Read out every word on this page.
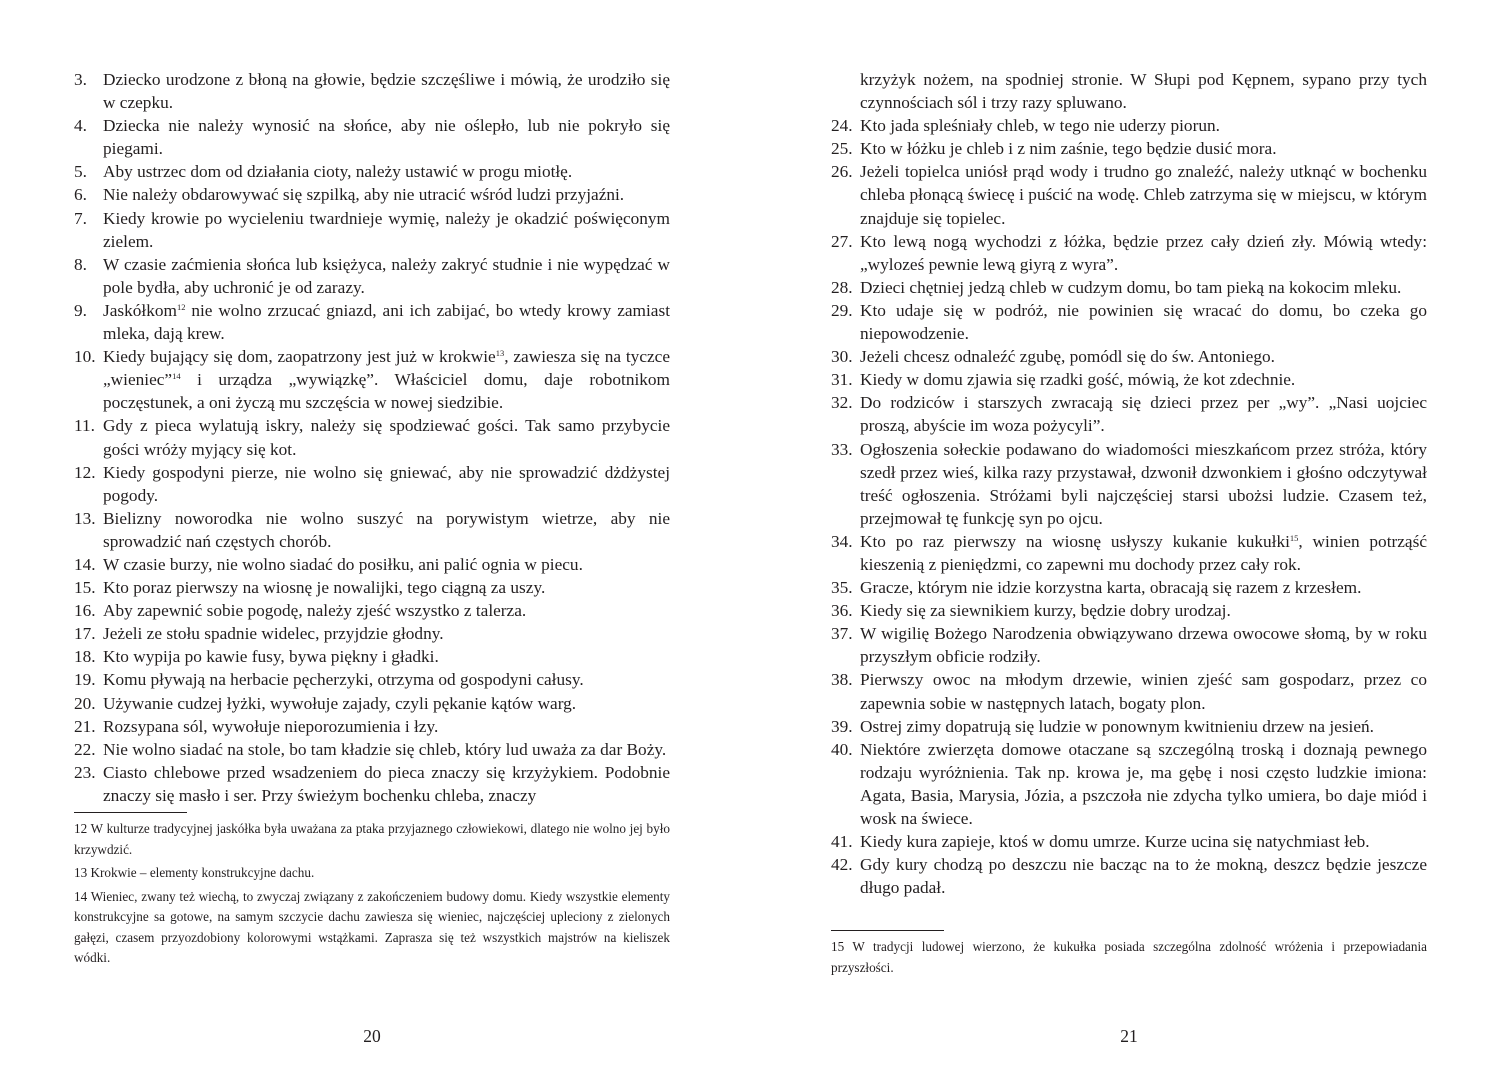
3. Dziecko urodzone z błoną na głowie, będzie szczęśliwe i mówią, że urodziło się w czepku.
4. Dziecka nie należy wynosić na słońce, aby nie oślepło, lub nie pokryło się piegami.
5. Aby ustrzec dom od działania cioty, należy ustawić w progu miotłę.
6. Nie należy obdarowywać się szpilką, aby nie utracić wśród ludzi przyjaźni.
7. Kiedy krowie po wycieleniu twardnieje wymię, należy je okadzić poświęconym zielem.
8. W czasie zaćmienia słońca lub księżyca, należy zakryć studnie i nie wypędzać w pole bydła, aby uchronić je od zarazy.
9. Jaskółkom$^{12}$ nie wolno zrzucać gniazd, ani ich zabijać, bo wtedy krowy zamiast mleka, dają krew.
10. Kiedy bujający się dom, zaopatrzony jest już w krokwie$^{13}$, zawiesza się na tyczce „wieniec”$^{14}$ i urządza „wywiązkę”. Właściciel domu, daje robotnikom poczęstunek, a oni życzą mu szczęścia w nowej siedzibie.
11. Gdy z pieca wylatują iskry, należy się spodziewać gości. Tak samo przybycie gości wróży myjący się kot.
12. Kiedy gospodyni pierze, nie wolno się gniewać, aby nie sprowadzić dżdżystej pogody.
13. Bielizny noworodka nie wolno suszyć na porywistym wietrze, aby nie sprowadzić nań częstych chorób.
14. W czasie burzy, nie wolno siadać do posiłku, ani palić ognia w piecu.
15. Kto poraz pierwszy na wiosnę je nowalijki, tego ciągną za uszy.
16. Aby zapewnić sobie pogodę, należy zjeść wszystko z talerza.
17. Jeżeli ze stołu spadnie widelec, przyjdzie głodny.
18. Kto wypija po kawie fusy, bywa piękny i gładki.
19. Komu pływają na herbacie pęcherzyki, otrzyma od gospodyni całusy.
20. Używanie cudzej łyżki, wywołuje zajady, czyli pękanie kątów warg.
21. Rozsypana sól, wywołuje nieporozumienia i łzy.
22. Nie wolno siadać na stole, bo tam kładzie się chleb, który lud uważa za dar Boży.
23. Ciasto chlebowe przed wsadzeniem do pieca znaczy się krzyżykiem. Podobnie znaczy się masło i ser. Przy świeżym bochenku chleba, znaczy
12 W kulturze tradycyjnej jaskółka była uważana za ptaka przyjaznego człowiekowi, dlatego nie wolno jej było krzywdzić.
13 Krokwie – elementy konstrukcyjne dachu.
14 Wieniec, zwany też wiechą, to zwyczaj związany z zakończeniem budowy domu. Kiedy wszystkie elementy konstrukcyjne sa gotowe, na samym szczycie dachu zawiesza się wieniec, najczęściej upleciony z zielonych gałęzi, czasem przyozdobiony kolorowymi wstążkami. Zaprasza się też wszystkich majstrów na kieliszek wódki.
20
krzyżyk nożem, na spodniej stronie. W Słupi pod Kępnem, sypano przy tych czynnościach sól i trzy razy spluwano.
24. Kto jada spleśniały chleb, w tego nie uderzy piorun.
25. Kto w łóżku je chleb i z nim zaśnie, tego będzie dusić mora.
26. Jeżeli topielca uniósł prąd wody i trudno go znaleźć, należy utknąć w bochenku chleba płonącą świecę i puścić na wodę. Chleb zatrzyma się w miejscu, w którym znajduje się topielec.
27. Kto lewą nogą wychodzi z łóżka, będzie przez cały dzień zły. Mówią wtedy: „wyloześ pewnie lewą giyrą z wyra”.
28. Dzieci chętniej jedzą chleb w cudzym domu, bo tam pieką na kokocim mleku.
29. Kto udaje się w podróż, nie powinien się wracać do domu, bo czeka go niepowodzenie.
30. Jeżeli chcesz odnaleźć zgubę, pomódl się do św. Antoniego.
31. Kiedy w domu zjawia się rzadki gość, mówią, że kot zdechnie.
32. Do rodziców i starszych zwracają się dzieci przez per „wy”. „Nasi uojciec proszą, abyście im woza pożycyli”.
33. Ogłoszenia sołeckie podawano do wiadomości mieszkańcom przez stróża, który szedł przez wieś, kilka razy przystawał, dzwonił dzwonkiem i głośno odczytywał treść ogłoszenia. Stróżami byli najczęściej starsi ubożsi ludzie. Czasem też, przejmował tę funkcję syn po ojcu.
34. Kto po raz pierwszy na wiosnę usłyszy kukanie kukułki$^{15}$, winien potrząść kieszenią z pieniędzmi, co zapewni mu dochody przez cały rok.
35. Gracze, którym nie idzie korzystna karta, obracają się razem z krzesłem.
36. Kiedy się za siewnikiem kurzy, będzie dobry urodzaj.
37. W wigilię Bożego Narodzenia obwiązywano drzewa owocowe słomą, by w roku przyszłym obficie rodziły.
38. Pierwszy owoc na młodym drzewie, winien zjeść sam gospodarz, przez co zapewnia sobie w następnych latach, bogaty plon.
39. Ostrej zimy dopatrują się ludzie w ponownym kwitnieniu drzew na jesień.
40. Niektóre zwierzęta domowe otaczane są szczególną troską i doznają pewnego rodzaju wyróżnienia. Tak np. krowa je, ma gębę i nosi często ludzkie imiona: Agata, Basia, Marysia, Józia, a pszczoła nie zdycha tylko umiera, bo daje miód i wosk na świece.
41. Kiedy kura zapieje, ktoś w domu umrze. Kurze ucina się natychmiast łeb.
42. Gdy kury chodzą po deszczu nie bacząc na to że mokną, deszcz będzie jeszcze długo padał.
15 W tradycji ludowej wierzono, że kukułka posiada szczególna zdolność wróżenia i przepowiadania przyszłości.
21
